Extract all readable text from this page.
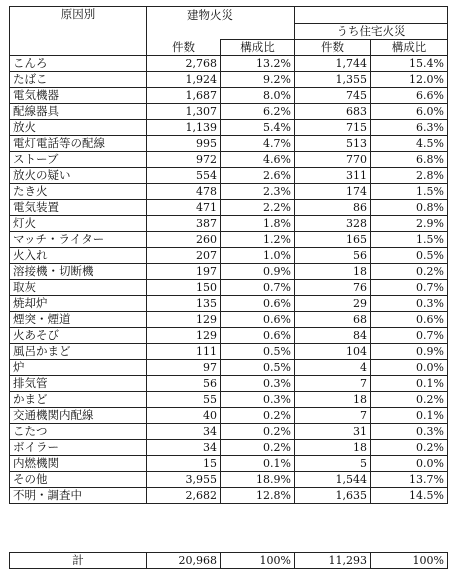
原因別	建物火災			
			うち住宅火災	
	件数	構成比	件数	構成比
こんろ	2,768	13.2%	1,744	15.4%
たばこ	1,924	9.2%	1,355	12.0%
電気機器	1,687	8.0%	745	6.6%
配線器具	1,307	6.2%	683	6.0%
放火	1,139	5.4%	715	6.3%
電灯電話等の配線	995	4.7%	513	4.5%
ストーブ	972	4.6%	770	6.8%
放火の疑い	554	2.6%	311	2.8%
たき火	478	2.3%	174	1.5%
電気装置	471	2.2%	86	0.8%
灯火	387	1.8%	328	2.9%
マッチ・ライター	260	1.2%	165	1.5%
火入れ	207	1.0%	56	0.5%
溶接機・切断機	197	0.9%	18	0.2%
取灰	150	0.7%	76	0.7%
焼却炉	135	0.6%	29	0.3%
煙突・煙道	129	0.6%	68	0.6%
火あそび	129	0.6%	84	0.7%
風呂かまど	111	0.5%	104	0.9%
炉	97	0.5%	4	0.0%
排気管	56	0.3%	7	0.1%
かまど	55	0.3%	18	0.2%
交通機関内配線	40	0.2%	7	0.1%
こたつ	34	0.2%	31	0.3%
ボイラー	34	0.2%	18	0.2%
内燃機関	15	0.1%	5	0.0%
その他	3,955	18.9%	1,544	13.7%
不明・調査中	2,682	12.8%	1,635	14.5%
計	20,968	100%	11,293	100%
